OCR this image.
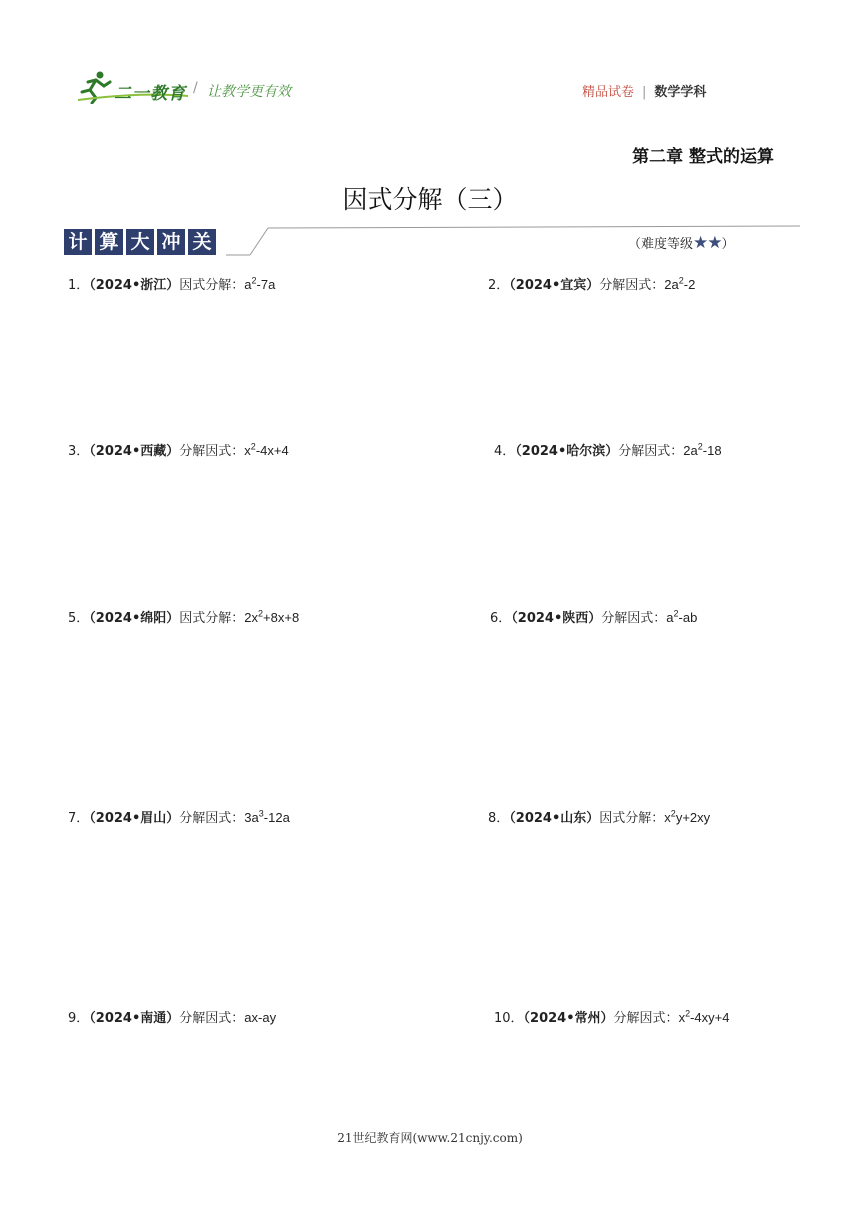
二一教育 / 让教学更有效	精品试卷 | 数学学科
第二章 整式的运算
因式分解（三）
计 算 大 冲 关	（难度等级★★）
1．（2024•浙江）因式分解：$a^2-7a$	2．（2024•宜宾）分解因式：$2a^2-2$
3．（2024•西藏）分解因式：$x^2-4x+4$	4．（2024•哈尔滨）分解因式：$2a^2-18$
5．（2024•绵阳）因式分解：$2x^2+8x+8$	6．（2024•陕西）分解因式：$a^2-ab$
7．（2024•眉山）分解因式：$3a^3-12a$	8．（2024•山东）因式分解：$x^2y+2xy$
9．（2024•南通）分解因式：ax-ay	10．（2024•常州）分解因式：$x^2-4xy+4$
21世纪教育网(www.21cnjy.com)
